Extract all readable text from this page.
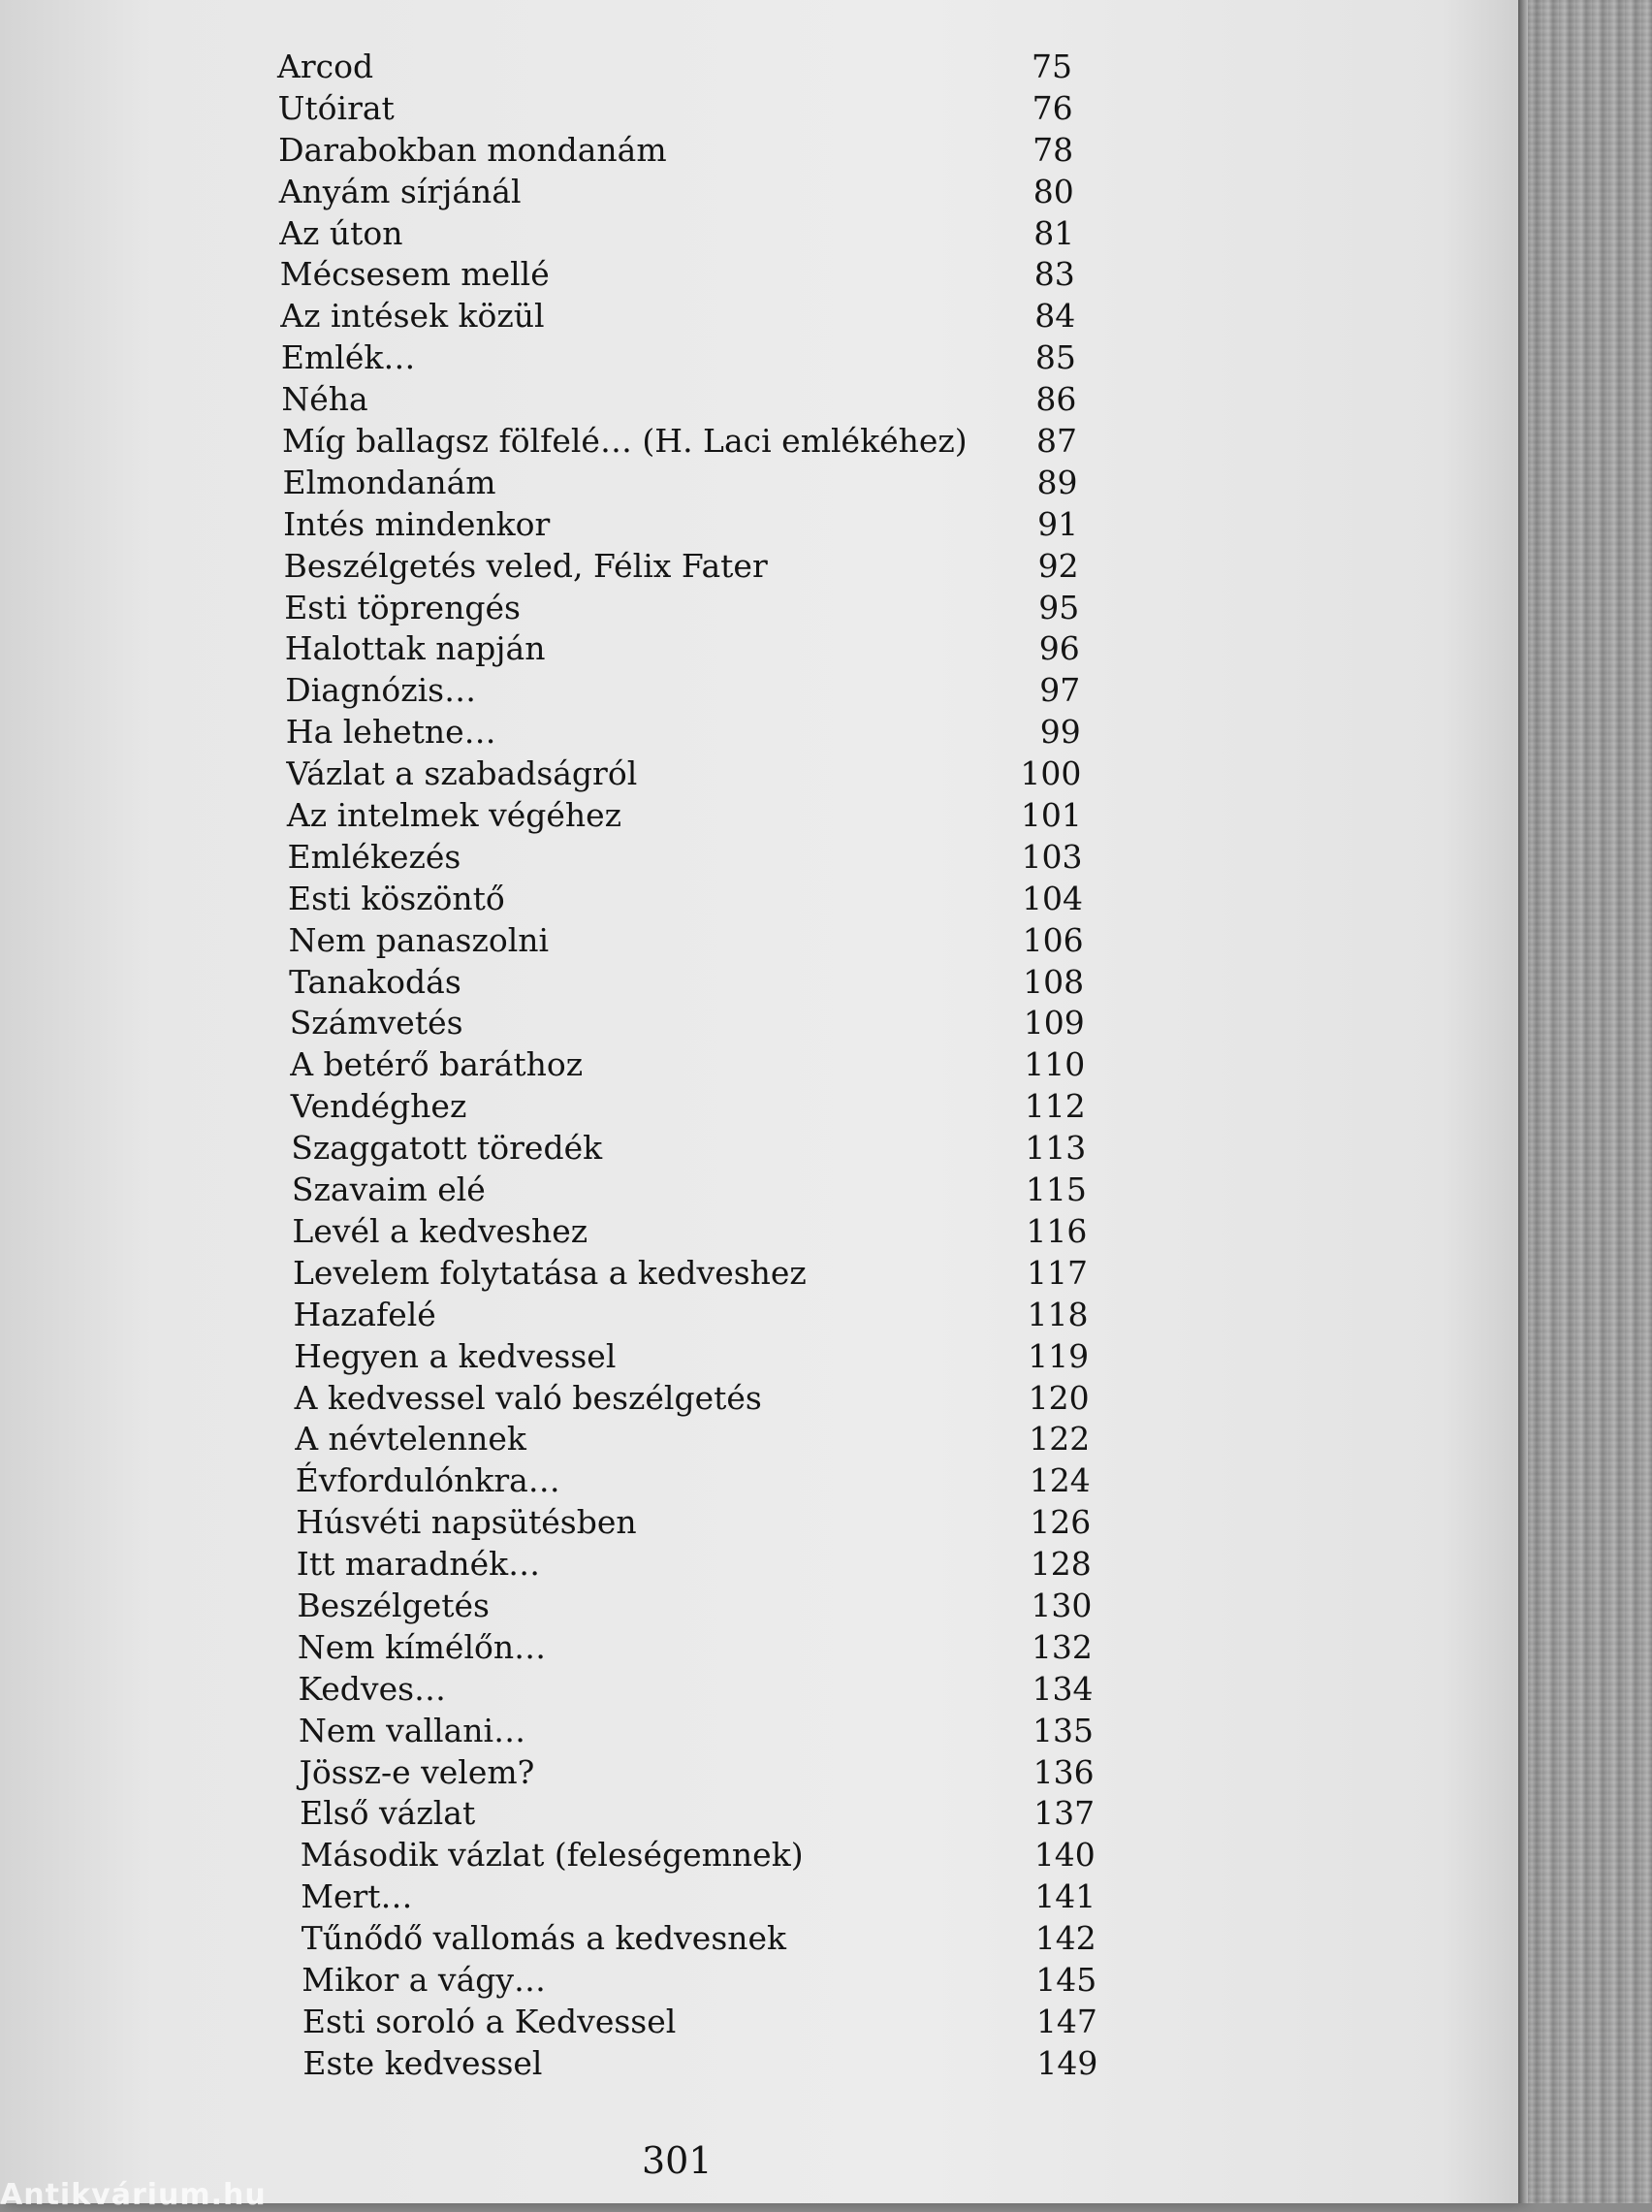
Arcod	75
Utóirat	76
Darabokban mondanám	78
Anyám sírjánál	80
Az úton	81
Mécsesem mellé	83
Az intések közül	84
Emlék…	85
Néha	86
Míg ballagsz fölfelé… (H. Laci emlékéhez)	87
Elmondanám	89
Intés mindenkor	91
Beszélgetés veled, Félix Fater	92
Esti töprengés	95
Halottak napján	96
Diagnózis…	97
Ha lehetne…	99
Vázlat a szabadságról	100
Az intelmek végéhez	101
Emlékezés	103
Esti köszöntő	104
Nem panaszolni	106
Tanakodás	108
Számvetés	109
A betérő baráthoz	110
Vendéghez	112
Szaggatott töredék	113
Szavaim elé	115
Levél a kedveshez	116
Levelem folytatása a kedveshez	117
Hazafelé	118
Hegyen a kedvessel	119
A kedvessel való beszélgetés	120
A névtelennek	122
Évfordulónkra…	124
Húsvéti napsütésben	126
Itt maradnék…	128
Beszélgetés	130
Nem kímélőn…	132
Kedves…	134
Nem vallani…	135
Jössz-e velem?	136
Első vázlat	137
Második vázlat (feleségemnek)	140
Mert…	141
Tűnődő vallomás a kedvesnek	142
Mikor a vágy…	145
Esti soroló a Kedvessel	147
Este kedvessel	149
301
Antikvárium.hu
